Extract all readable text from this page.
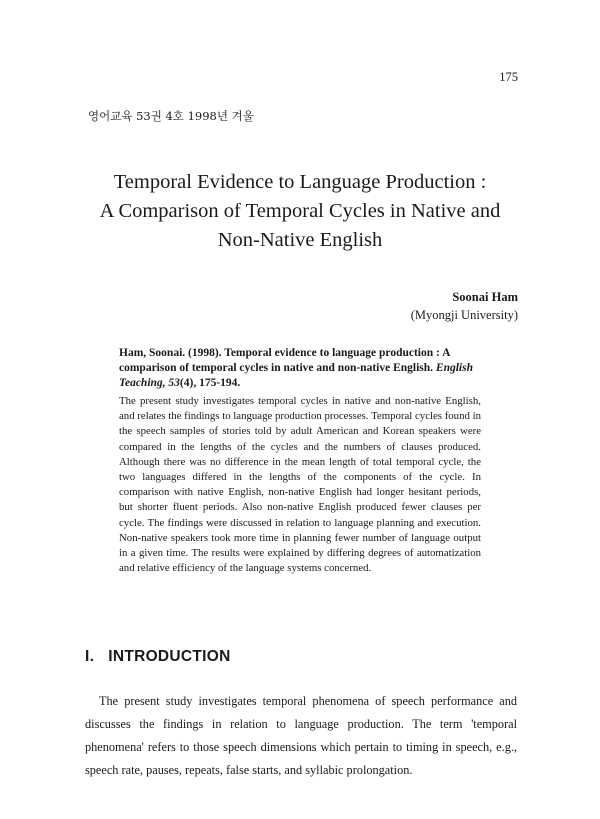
175
영어교육 53권 4호 1998년 겨울
Temporal Evidence to Language Production :
A Comparison of Temporal Cycles in Native and
Non-Native English
Soonai Ham
(Myongji University)
Ham, Soonai. (1998). Temporal evidence to language production : A comparison of temporal cycles in native and non-native English. English Teaching, 53(4), 175-194.
The present study investigates temporal cycles in native and non-native English, and relates the findings to language production processes. Temporal cycles found in the speech samples of stories told by adult American and Korean speakers were compared in the lengths of the cycles and the numbers of clauses produced. Although there was no difference in the mean length of total temporal cycle, the two languages differed in the lengths of the components of the cycle. In comparison with native English, non-native English had longer hesitant periods, but shorter fluent periods. Also non-native English produced fewer clauses per cycle. The findings were discussed in relation to language planning and execution. Non-native speakers took more time in planning fewer number of language output in a given time. The results were explained by differing degrees of automatization and relative efficiency of the language systems concerned.
I. INTRODUCTION
The present study investigates temporal phenomena of speech performance and discusses the findings in relation to language production. The term 'temporal phenomena' refers to those speech dimensions which pertain to timing in speech, e.g., speech rate, pauses, repeats, false starts, and syllabic prolongation.
